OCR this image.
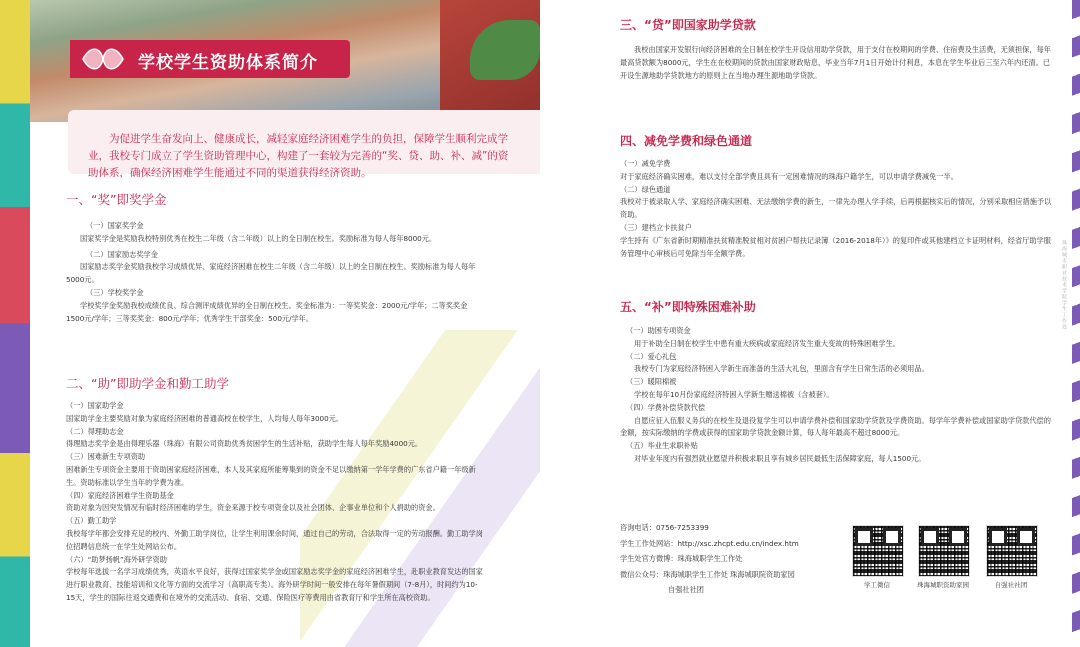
学校学生资助体系简介

为促进学生奋发向上、健康成长，减轻家庭经济困难学生的负担，保障学生顺利完成学业，我校专门成立了学生资助管理中心，构建了一套较为完善的“奖、贷、助、补、减”的资助体系，确保经济困难学生能通过不同的渠道获得经济资助。

一、“奖”即奖学金

（一）国家奖学金

国家奖学金是奖励我校特别优秀在校生二年级（含二年级）以上的全日制在校生。奖励标准为每人每年8000元。

（二）国家励志奖学金

国家励志奖学金奖励我校学习成绩优异、家庭经济困难在校生二年级（含二年级）以上的全日制在校生。奖励标准为每人每年5000元。

（三）学校奖学金

学校奖学金奖励我校成绩优良、综合测评成绩优异的全日制在校生。奖金标准为：一等奖奖金：2000元/学年；二等奖奖金1500元/学年；三等奖奖金：800元/学年；优秀学生干部奖金：500元/学年。

二、“助”即助学金和勤工助学

（一）国家助学金

国家助学金主要奖励对象为家庭经济困难的普通高校在校学生，人均每人每年3000元。

（二）得理助志金

得理励志奖学金是由得理乐器（珠海）有限公司资助优秀贫困学生的生活补贴，获助学生每人每年奖励4000元。

（三）困难新生专项资助

困难新生专项资金主要用于资助困家庭经济困难，本人及其家庭所能筹集到的资金不足以缴纳第一学年学费的广东省户籍一年级新生。资助标准以学生当年的学费为准。

（四）家庭经济困难学生资助基金

资助对象为因突发情况有临时经济困难的学生，资金来源于校专项资金以及社会团体、企事业单位和个人捐助的资金。

（五）勤工助学

我校每学年都会安排充足的校内、外勤工助学岗位，让学生利用课余时间，通过自己的劳动，合法取得一定的劳动报酬。勤工助学岗位招聘信息统一在学生处网站公布。

（六）“助梦扬帆”海外研学资助

学校每年选拔一名学习成绩优秀，英语水平良好，获得过国家奖学金或国家励志奖学金的家庭经济困难学生，赴职业教育发达的国家进行职业教育、技能培训和文化等方面的交流学习（高职高专类）。海外研学时间一般安排在每年暑假期间（7-8月），时间约为10-15天，学生的国际往返交通费和在境外的交流活动、食宿、交通、保险医疗等费用由省教育厅和学生所在高校资助。

珠海城市职业技术学院学生工作处
三、“贷”即国家助学贷款

我校由国家开发银行向经济困难的全日制在校学生开设信用助学贷款，用于支付在校期间的学费、住宿费及生活费，无须担保，每年最高贷款额为8000元，学生在在校期间的贷款由国家财政贴息，毕业当年7月1日开始计付利息，本息在学生毕业后三至六年内还清。已开设生源地助学贷款地方的原则上在当地办理生源地助学贷款。

四、减免学费和绿色通道

（一）减免学费

对于家庭经济确实困难，难以支付全部学费且具有一定困难情况的珠海户籍学生，可以申请学费减免一半。

（二）绿色通道

我校对于被录取入学、家庭经济确实困难、无法缴纳学费的新生，一律先办理入学手续，后再根据核实后的情况，分别采取相应措施予以资助。

（三）建档立卡扶贫户

学生持有《广东省新时期精准扶贫精准脱贫相对贫困户帮扶记录簿（2016-2018年）》的复印件或其他建档立卡证明材料，经省厅助学服务管理中心审核后可免除当年全额学费。

五、“补”即特殊困难补助

（一）助困专项资金

用于补助全日制在校学生中患有重大疾病或家庭经济发生重大变故的特殊困难学生。

（二）爱心礼包

我校专门为家庭经济特困入学新生而准备的生活大礼包，里面含有学生日常生活的必须用品。

（三）暖阳棉被

学校在每年10月份家庭经济特困入学新生赠送棉被（含被套）。

（四）学费补偿贷款代偿

自愿应征入伍服义务兵的在校生及退役复学生可以申请学费补偿和国家助学贷款及学费资助。每学年学费补偿或国家助学贷款代偿的金额，按实际缴纳的学费或获得的国家助学贷款金额计算，每人每年最高不超过8000元。

（五）毕业生求职补贴

对毕业年度内有强烈就业愿望并积极求职且享有城乡居民最低生活保障家庭，每人1500元。

咨询电话：0756-7253399

学生工作处网站：http://xsc.zhcpt.edu.cn/index.htm

学生处官方微博：珠海城职学生工作处

微信公众号：珠海城职学生工作处 珠海城职院资助家园

自强社社团	学工微信	珠海城职资助家园	自强社社团
